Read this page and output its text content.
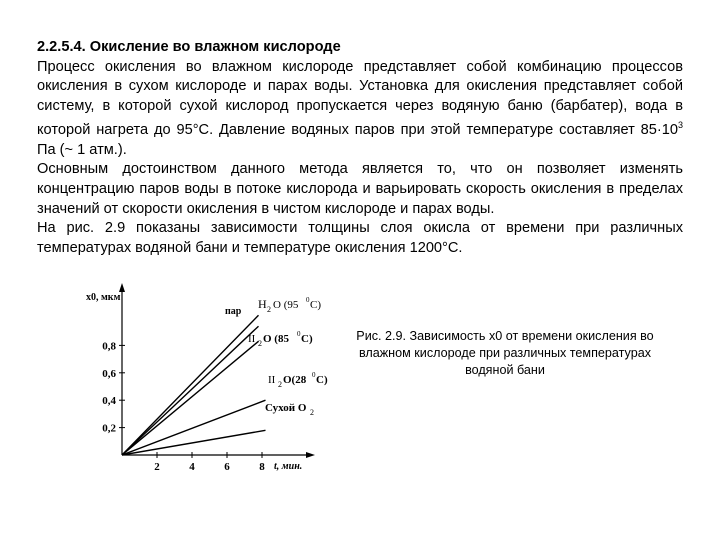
2.2.5.4. Окисление во влажном кислороде
Процесс окисления во влажном кислороде представляет собой комбинацию процессов окисления в сухом кислороде и парах воды. Установка для окисления представляет собой систему, в которой сухой кислород пропускается через водяную баню (барбатер), вода в которой нагрета до 95°С. Давление водяных паров при этой температуре составляет $85\cdot 10^3$ Па (~ 1 атм.).
Основным достоинством данного метода является то, что он позволяет изменять концентрацию паров воды в потоке кислорода и варьировать скорость окисления в пределах значений от скорости окисления в чистом кислороде и парах воды.
На рис. 2.9 показаны зависимости толщины слоя окисла от времени при различных температурах водяной бани и температуре окисления 1200°С.
x0, мкм
t, мин.
0,2
0,4
0,6
0,8
2	4	6	8
пар
H 2 O (95 0 C)
II 2 O (85 0 C)
II 2 O(28 0 C)
Сухой O 2
Рис. 2.9. Зависимость x0 от времени окисления во влажном кислороде при различных температурах водяной бани
